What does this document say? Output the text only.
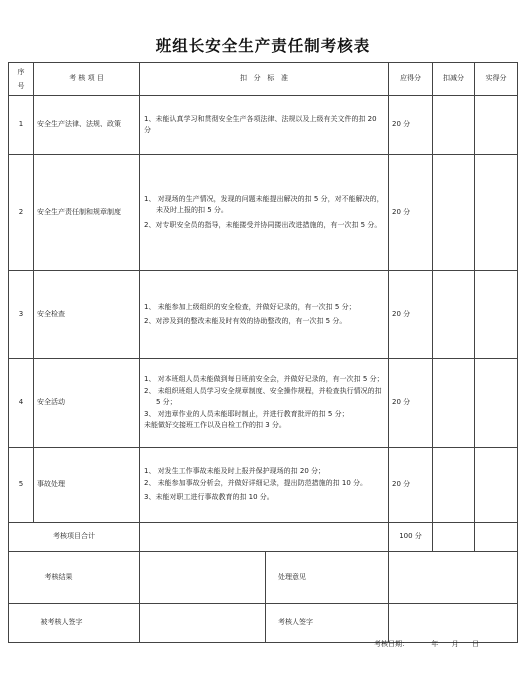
班组长安全生产责任制考核表
序
号	考 核 项 目	扣   分   标   准	应得分	扣减分	实得分
1	安全生产法律、法规、政策	1、未能认真学习和贯彻安全生产各项法律、法规以及上级有关文件的扣 20 分	20 分		
2	安全生产责任制和规章制度	1、 对现场的生产情况，发现的问题未能提出解决的扣 5 分，对不能解决的，未及时上报的扣 5 分。

2、对专职安全员的指导，未能搂受并协同搂出改进措施的，有一次扣 5 分。	20 分		
3	安全检查	1、 未能参加上级组织的安全检查，并做好记录的，有一次扣 5 分；

2、对涉及到的整改未能及时有效的协助整改的，有一次扣 5 分。	20 分		
4	安全活动	1、 对本班组人员未能做到每日班前安全会，并做好记录的，有一次扣 5 分；

2、 未组织班组人员学习安全规章制度、安全操作规程，并检查执行情况的扣 5 分；

3、 对违章作业的人员未能耶时制止，并进行教育批评的扣 5 分；

未能做好交接班工作以及自检工作的扣 3 分。	20 分		
5	事故处理	1、 对发生工作事故未能及时上报并保护现场的扣 20 分；

2、 未能参加事故分析会，并做好详细记录，提出防范措施的扣 10 分。

3、未能对职工进行事故教育的扣 10 分。	20 分		
考核项目合计			100 分		
考核结果		处理意见			

被考核人签字		考核人签字			

考核日期：          年      月      日
